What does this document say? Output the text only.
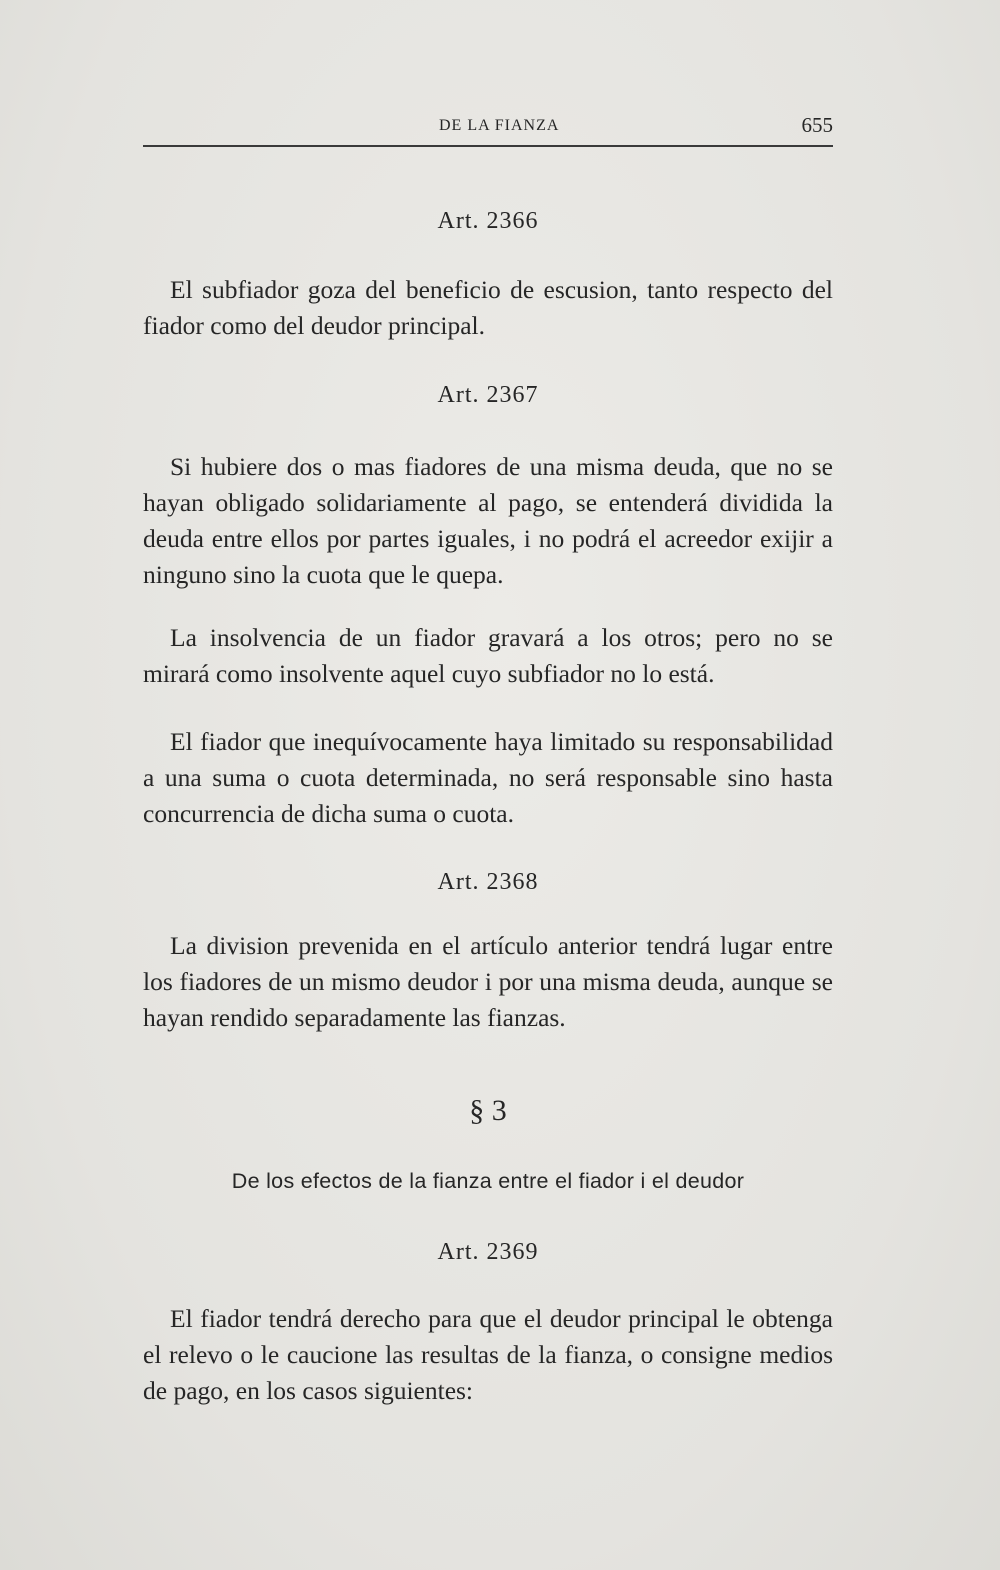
DE LA FIANZA	655
Art. 2366

El subfiador goza del beneficio de escusion, tanto respecto del fiador como del deudor principal.

Art. 2367

Si hubiere dos o mas fiadores de una misma deuda, que no se hayan obligado solidariamente al pago, se entenderá dividida la deuda entre ellos por partes iguales, i no podrá el acreedor exijir a ninguno sino la cuota que le quepa.

La insolvencia de un fiador gravará a los otros; pero no se mirará como insolvente aquel cuyo subfiador no lo está.

El fiador que inequívocamente haya limitado su responsabilidad a una suma o cuota determinada, no será responsable sino hasta concurrencia de dicha suma o cuota.

Art. 2368

La division prevenida en el artículo anterior tendrá lugar entre los fiadores de un mismo deudor i por una misma deuda, aunque se hayan rendido separadamente las fianzas.

§ 3
De los efectos de la fianza entre el fiador i el deudor
Art. 2369

El fiador tendrá derecho para que el deudor principal le obtenga el relevo o le caucione las resultas de la fianza, o consigne medios de pago, en los casos siguientes:
